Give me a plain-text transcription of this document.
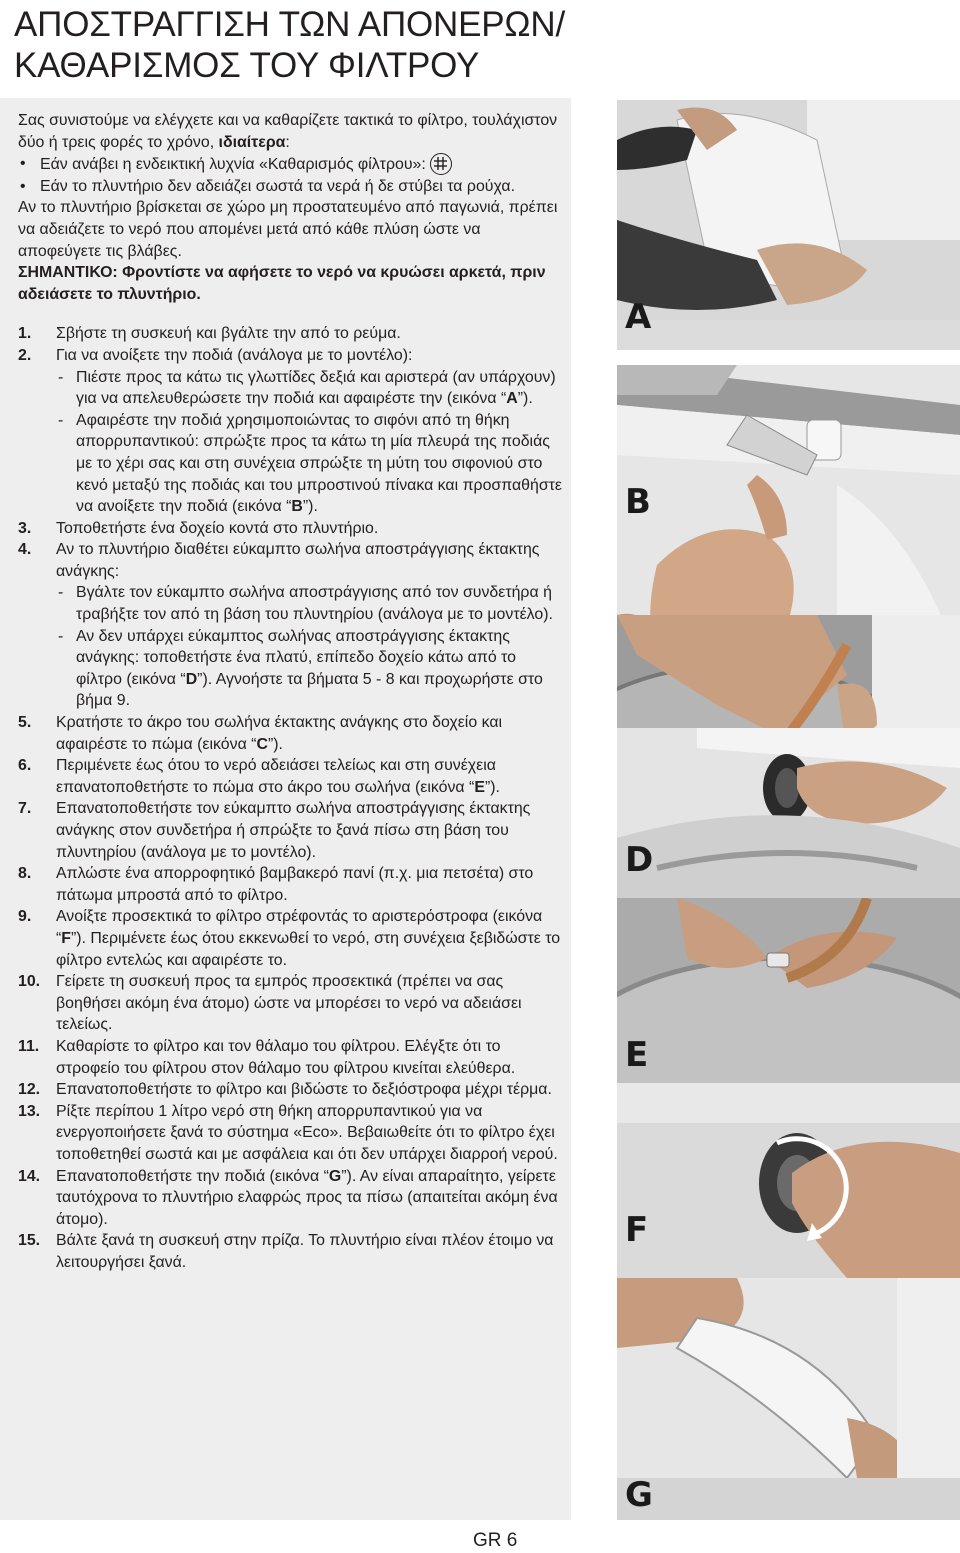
ΑΠΟΣΤΡΑΓΓΙΣΗ ΤΩΝ ΑΠΟΝΕΡΩΝ/
ΚΑΘΑΡΙΣΜΟΣ ΤΟΥ ΦΙΛΤΡΟΥ

Σας συνιστούμε να ελέγχετε και να καθαρίζετε τακτικά το φίλτρο, τουλάχιστον δύο ή τρεις φορές το χρόνο, ιδιαίτερα:

• Εάν ανάβει η ενδεικτική λυχνία «Καθαρισμός φίλτρου»:
• Εάν το πλυντήριο δεν αδειάζει σωστά τα νερά ή δε στύβει τα ρούχα.

Αν το πλυντήριο βρίσκεται σε χώρο μη προστατευμένο από παγωνιά, πρέπει να αδειάζετε το νερό που απομένει μετά από κάθε πλύση ώστε να αποφεύγετε τις βλάβες.

ΣΗΜΑΝΤΙΚΟ: Φροντίστε να αφήσετε το νερό να κρυώσει αρκετά, πριν αδειάσετε το πλυντήριο.

1. Σβήστε τη συσκευή και βγάλτε την από το ρεύμα.
2. Για να ανοίξετε την ποδιά (ανάλογα με το μοντέλο):
- Πιέστε προς τα κάτω τις γλωττίδες δεξιά και αριστερά (αν υπάρχουν) για να απελευθερώσετε την ποδιά και αφαιρέστε την (εικόνα “A”).
- Αφαιρέστε την ποδιά χρησιμοποιώντας το σιφόνι από τη θήκη απορρυπαντικού: σπρώξτε προς τα κάτω τη μία πλευρά της ποδιάς με το χέρι σας και στη συνέχεια σπρώξτε τη μύτη του σιφονιού στο κενό μεταξύ της ποδιάς και του μπροστινού πίνακα και προσπαθήστε να ανοίξετε την ποδιά (εικόνα “B”).
3. Τοποθετήστε ένα δοχείο κοντά στο πλυντήριο.
4. Αν το πλυντήριο διαθέτει εύκαμπτο σωλήνα αποστράγγισης έκτακτης ανάγκης:
- Βγάλτε τον εύκαμπτο σωλήνα αποστράγγισης από τον συνδετήρα ή τραβήξτε τον από τη βάση του πλυντηρίου (ανάλογα με το μοντέλο).
- Αν δεν υπάρχει εύκαμπτος σωλήνας αποστράγγισης έκτακτης ανάγκης: τοποθετήστε ένα πλατύ, επίπεδο δοχείο κάτω από το φίλτρο (εικόνα “D”). Αγνοήστε τα βήματα 5 - 8 και προχωρήστε στο βήμα 9.
5. Κρατήστε το άκρο του σωλήνα έκτακτης ανάγκης στο δοχείο και αφαιρέστε το πώμα (εικόνα “C”).
6. Περιμένετε έως ότου το νερό αδειάσει τελείως και στη συνέχεια επανατοποθετήστε το πώμα στο άκρο του σωλήνα (εικόνα “E”).
7. Επανατοποθετήστε τον εύκαμπτο σωλήνα αποστράγγισης έκτακτης ανάγκης στον συνδετήρα ή σπρώξτε το ξανά πίσω στη βάση του πλυντηρίου (ανάλογα με το μοντέλο).
8. Απλώστε ένα απορροφητικό βαμβακερό πανί (π.χ. μια πετσέτα) στο πάτωμα μπροστά από το φίλτρο.
9. Ανοίξτε προσεκτικά το φίλτρο στρέφοντάς το αριστερόστροφα (εικόνα “F”). Περιμένετε έως ότου εκκενωθεί το νερό, στη συνέχεια ξεβιδώστε το φίλτρο εντελώς και αφαιρέστε το.
10. Γείρετε τη συσκευή προς τα εμπρός προσεκτικά (πρέπει να σας βοηθήσει ακόμη ένα άτομο) ώστε να μπορέσει το νερό να αδειάσει τελείως.
11. Καθαρίστε το φίλτρο και τον θάλαμο του φίλτρου. Ελέγξτε ότι το στροφείο του φίλτρου στον θάλαμο του φίλτρου κινείται ελεύθερα.
12. Επανατοποθετήστε το φίλτρο και βιδώστε το δεξιόστροφα μέχρι τέρμα.
13. Ρίξτε περίπου 1 λίτρο νερό στη θήκη απορρυπαντικού για να ενεργοποιήσετε ξανά το σύστημα «Eco». Βεβαιωθείτε ότι το φίλτρο έχει τοποθετηθεί σωστά και με ασφάλεια και ότι δεν υπάρχει διαρροή νερού.
14. Επανατοποθετήστε την ποδιά (εικόνα “G”). Αν είναι απαραίτητο, γείρετε ταυτόχρονα το πλυντήριο ελαφρώς προς τα πίσω (απαιτείται ακόμη ένα άτομο).
15. Βάλτε ξανά τη συσκευή στην πρίζα. Το πλυντήριο είναι πλέον έτοιμο να λειτουργήσει ξανά.
A
B
D
E
F
G
GR 6
